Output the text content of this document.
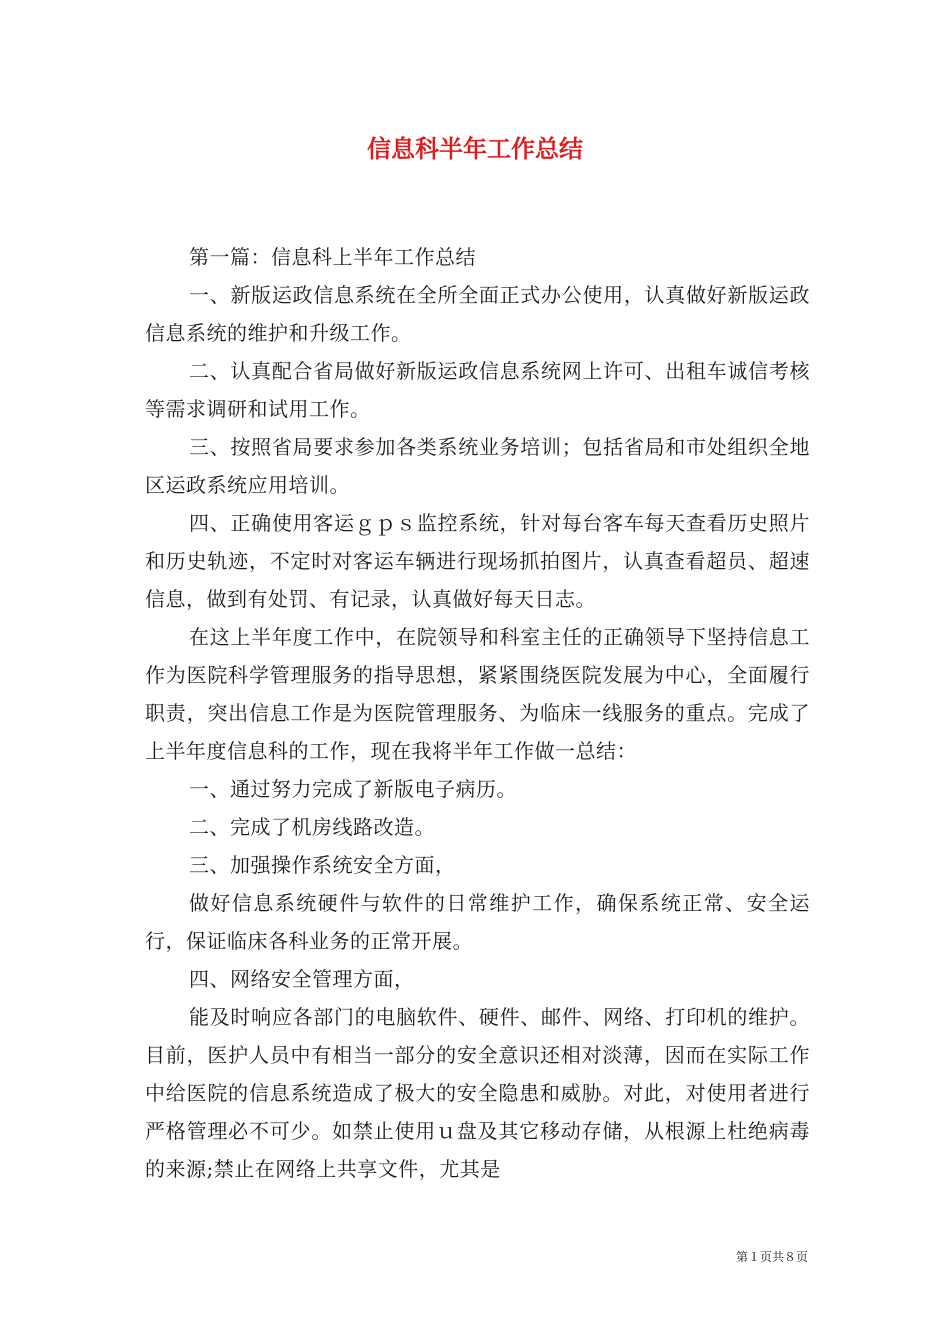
信息科半年工作总结

第一篇：信息科上半年工作总结

一、新版运政信息系统在全所全面正式办公使用，认真做好新版运政信息系统的维护和升级工作。

二、认真配合省局做好新版运政信息系统网上许可、出租车诚信考核等需求调研和试用工作。

三、按照省局要求参加各类系统业务培训；包括省局和市处组织全地区运政系统应用培训。

四、正确使用客运ｇｐｓ监控系统，针对每台客车每天查看历史照片和历史轨迹，不定时对客运车辆进行现场抓拍图片，认真查看超员、超速信息，做到有处罚、有记录，认真做好每天日志。

在这上半年度工作中，在院领导和科室主任的正确领导下坚持信息工作为医院科学管理服务的指导思想，紧紧围绕医院发展为中心，全面履行职责，突出信息工作是为医院管理服务、为临床一线服务的重点。完成了上半年度信息科的工作，现在我将半年工作做一总结：

一、通过努力完成了新版电子病历。

二、完成了机房线路改造。

三、加强操作系统安全方面，

做好信息系统硬件与软件的日常维护工作，确保系统正常、安全运行，保证临床各科业务的正常开展。

四、网络安全管理方面，

能及时响应各部门的电脑软件、硬件、邮件、网络、打印机的维护。目前，医护人员中有相当一部分的安全意识还相对淡薄，因而在实际工作中给医院的信息系统造成了极大的安全隐患和威胁。对此，对使用者进行严格管理必不可少。如禁止使用ｕ盘及其它移动存储，从根源上杜绝病毒的来源;禁止在网络上共享文件，尤其是

第１页共８页
